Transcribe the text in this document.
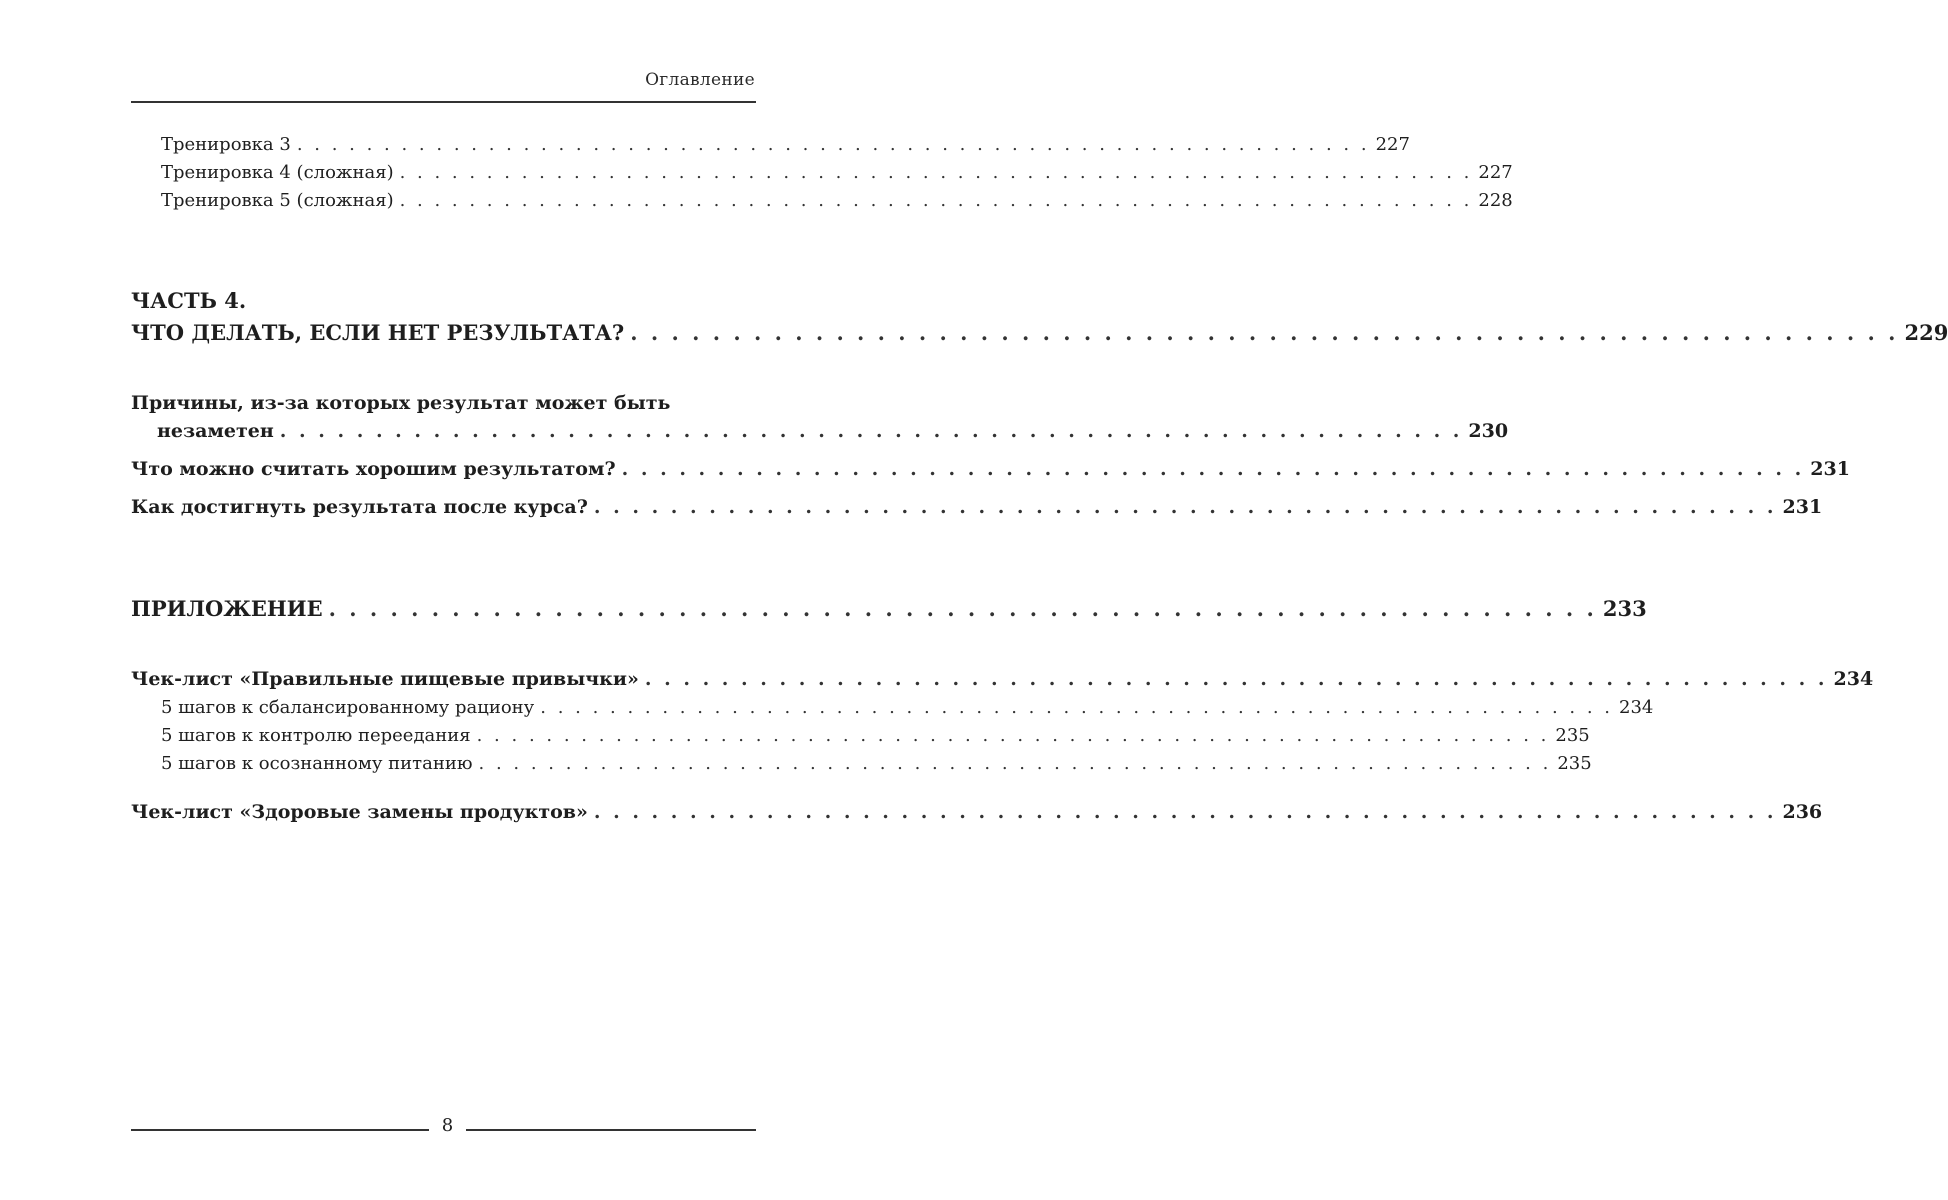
Оглавление
Тренировка 3 . . . . . . . . . . . . . . . . . . . . . . . . . . . . . . . . . . . . . . . . . . . . . . . . . . . . . . . . . . . . . . 227
Тренировка 4 (сложная) . . . . . . . . . . . . . . . . . . . . . . . . . . . . . . . . . . . . . . . . . . . . . . . . . . . . . . . . . . . . . . 227
Тренировка 5 (сложная) . . . . . . . . . . . . . . . . . . . . . . . . . . . . . . . . . . . . . . . . . . . . . . . . . . . . . . . . . . . . . . 228
ЧАСТЬ 4.
ЧТО ДЕЛАТЬ, ЕСЛИ НЕТ РЕЗУЛЬТАТА? . . . . . . . . . . . . . . . . . . . . . . . . . . . . . . . . . . . . . . . . . . . . . . . . . . . . . . . . . . . . . . 229
Причины, из-за которых результат может быть
незаметен . . . . . . . . . . . . . . . . . . . . . . . . . . . . . . . . . . . . . . . . . . . . . . . . . . . . . . . . . . . . . . 230
Что можно считать хорошим результатом? . . . . . . . . . . . . . . . . . . . . . . . . . . . . . . . . . . . . . . . . . . . . . . . . . . . . . . . . . . . . . . 231
Как достигнуть результата после курса? . . . . . . . . . . . . . . . . . . . . . . . . . . . . . . . . . . . . . . . . . . . . . . . . . . . . . . . . . . . . . . 231
ПРИЛОЖЕНИЕ . . . . . . . . . . . . . . . . . . . . . . . . . . . . . . . . . . . . . . . . . . . . . . . . . . . . . . . . . . . . . . 233
Чек-лист «Правильные пищевые привычки» . . . . . . . . . . . . . . . . . . . . . . . . . . . . . . . . . . . . . . . . . . . . . . . . . . . . . . . . . . . . . . 234
5 шагов к сбалансированному рациону . . . . . . . . . . . . . . . . . . . . . . . . . . . . . . . . . . . . . . . . . . . . . . . . . . . . . . . . . . . . . . 234
5 шагов к контролю переедания . . . . . . . . . . . . . . . . . . . . . . . . . . . . . . . . . . . . . . . . . . . . . . . . . . . . . . . . . . . . . . 235
5 шагов к осознанному питанию . . . . . . . . . . . . . . . . . . . . . . . . . . . . . . . . . . . . . . . . . . . . . . . . . . . . . . . . . . . . . . 235
Чек-лист «Здоровые замены продуктов» . . . . . . . . . . . . . . . . . . . . . . . . . . . . . . . . . . . . . . . . . . . . . . . . . . . . . . . . . . . . . . 236
8
